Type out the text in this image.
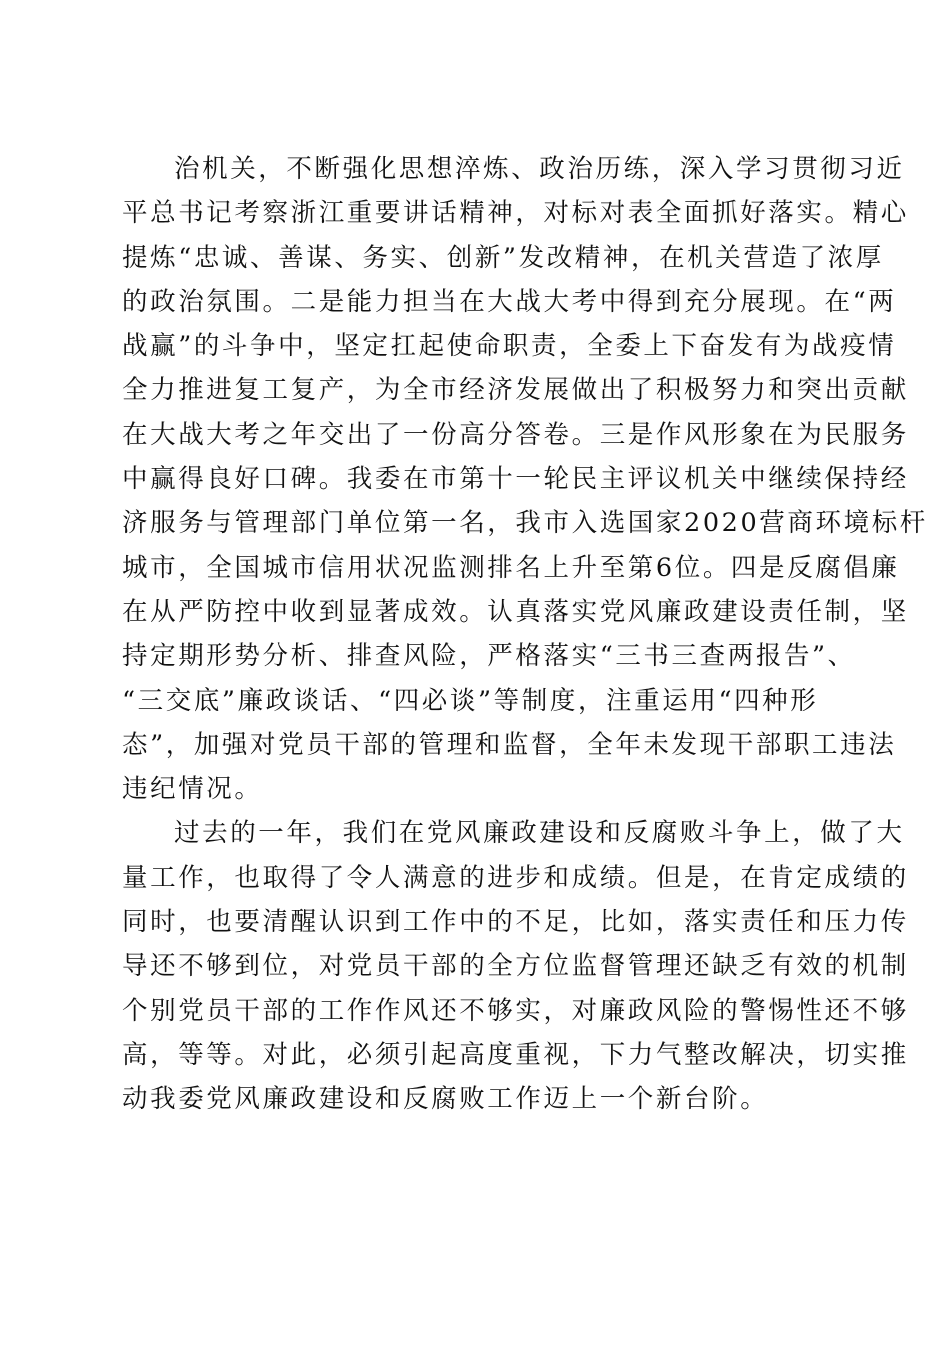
治机关，不断强化思想淬炼、政治历练，深入学习贯彻习近
平总书记考察浙江重要讲话精神，对标对表全面抓好落实。精心
提炼“忠诚、善谋、务实、创新”发改精神，在机关营造了浓厚
的政治氛围。二是能力担当在大战大考中得到充分展现。在“两
战赢”的斗争中，坚定扛起使命职责，全委上下奋发有为战疫情
全力推进复工复产，为全市经济发展做出了积极努力和突出贡献
在大战大考之年交出了一份高分答卷。三是作风形象在为民服务
中赢得良好口碑。我委在市第十一轮民主评议机关中继续保持经
济服务与管理部门单位第一名，我市入选国家2020营商环境标杆
城市，全国城市信用状况监测排名上升至第6位。四是反腐倡廉
在从严防控中收到显著成效。认真落实党风廉政建设责任制，坚
持定期形势分析、排查风险，严格落实“三书三查两报告”、
“三交底”廉政谈话、“四必谈”等制度，注重运用“四种形
态”，加强对党员干部的管理和监督，全年未发现干部职工违法
违纪情况。
过去的一年，我们在党风廉政建设和反腐败斗争上，做了大
量工作，也取得了令人满意的进步和成绩。但是，在肯定成绩的
同时，也要清醒认识到工作中的不足，比如，落实责任和压力传
导还不够到位，对党员干部的全方位监督管理还缺乏有效的机制
个别党员干部的工作作风还不够实，对廉政风险的警惕性还不够
高，等等。对此，必须引起高度重视，下力气整改解决，切实推
动我委党风廉政建设和反腐败工作迈上一个新台阶。
